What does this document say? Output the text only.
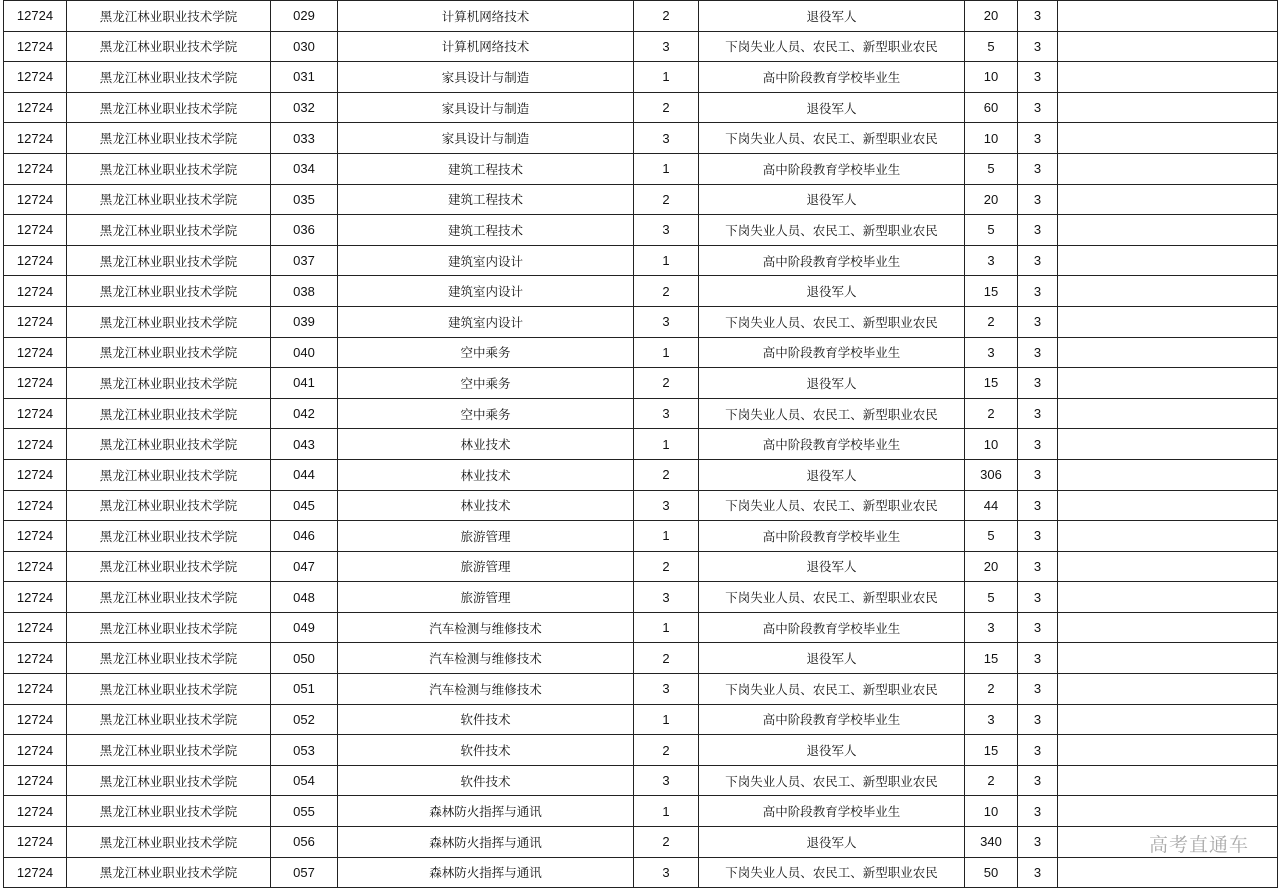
12724	黑龙江林业职业技术学院	029	计算机网络技术	2	退役军人	20	3	
12724	黑龙江林业职业技术学院	030	计算机网络技术	3	下岗失业人员、农民工、新型职业农民	5	3	
12724	黑龙江林业职业技术学院	031	家具设计与制造	1	高中阶段教育学校毕业生	10	3	
12724	黑龙江林业职业技术学院	032	家具设计与制造	2	退役军人	60	3	
12724	黑龙江林业职业技术学院	033	家具设计与制造	3	下岗失业人员、农民工、新型职业农民	10	3	
12724	黑龙江林业职业技术学院	034	建筑工程技术	1	高中阶段教育学校毕业生	5	3	
12724	黑龙江林业职业技术学院	035	建筑工程技术	2	退役军人	20	3	
12724	黑龙江林业职业技术学院	036	建筑工程技术	3	下岗失业人员、农民工、新型职业农民	5	3	
12724	黑龙江林业职业技术学院	037	建筑室内设计	1	高中阶段教育学校毕业生	3	3	
12724	黑龙江林业职业技术学院	038	建筑室内设计	2	退役军人	15	3	
12724	黑龙江林业职业技术学院	039	建筑室内设计	3	下岗失业人员、农民工、新型职业农民	2	3	
12724	黑龙江林业职业技术学院	040	空中乘务	1	高中阶段教育学校毕业生	3	3	
12724	黑龙江林业职业技术学院	041	空中乘务	2	退役军人	15	3	
12724	黑龙江林业职业技术学院	042	空中乘务	3	下岗失业人员、农民工、新型职业农民	2	3	
12724	黑龙江林业职业技术学院	043	林业技术	1	高中阶段教育学校毕业生	10	3	
12724	黑龙江林业职业技术学院	044	林业技术	2	退役军人	306	3	
12724	黑龙江林业职业技术学院	045	林业技术	3	下岗失业人员、农民工、新型职业农民	44	3	
12724	黑龙江林业职业技术学院	046	旅游管理	1	高中阶段教育学校毕业生	5	3	
12724	黑龙江林业职业技术学院	047	旅游管理	2	退役军人	20	3	
12724	黑龙江林业职业技术学院	048	旅游管理	3	下岗失业人员、农民工、新型职业农民	5	3	
12724	黑龙江林业职业技术学院	049	汽车检测与维修技术	1	高中阶段教育学校毕业生	3	3	
12724	黑龙江林业职业技术学院	050	汽车检测与维修技术	2	退役军人	15	3	
12724	黑龙江林业职业技术学院	051	汽车检测与维修技术	3	下岗失业人员、农民工、新型职业农民	2	3	
12724	黑龙江林业职业技术学院	052	软件技术	1	高中阶段教育学校毕业生	3	3	
12724	黑龙江林业职业技术学院	053	软件技术	2	退役军人	15	3	
12724	黑龙江林业职业技术学院	054	软件技术	3	下岗失业人员、农民工、新型职业农民	2	3	
12724	黑龙江林业职业技术学院	055	森林防火指挥与通讯	1	高中阶段教育学校毕业生	10	3	
12724	黑龙江林业职业技术学院	056	森林防火指挥与通讯	2	退役军人	340	3	
12724	黑龙江林业职业技术学院	057	森林防火指挥与通讯	3	下岗失业人员、农民工、新型职业农民	50	3	
高考直通车
